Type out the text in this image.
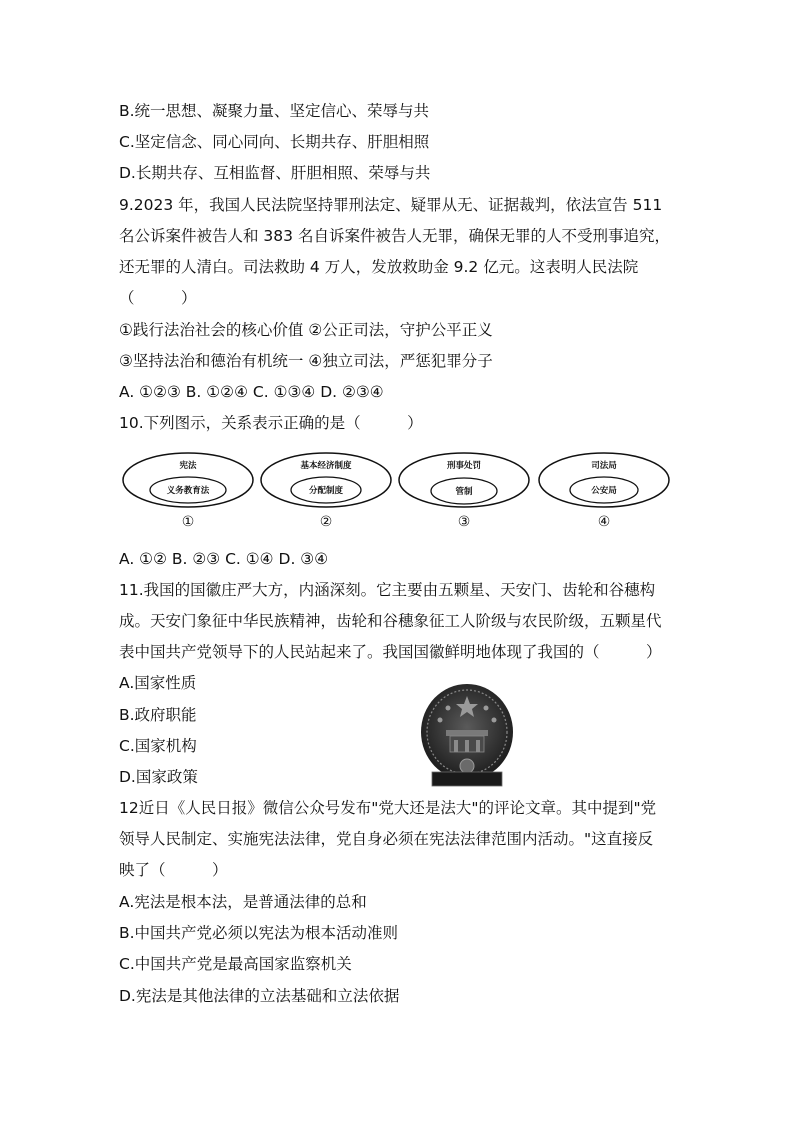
B.统一思想、凝聚力量、坚定信心、荣辱与共
C.坚定信念、同心同向、长期共存、肝胆相照
D.长期共存、互相监督、肝胆相照、荣辱与共
9.2023 年，我国人民法院坚持罪刑法定、疑罪从无、证据裁判，依法宣告 511
名公诉案件被告人和 383 名自诉案件被告人无罪，确保无罪的人不受刑事追究，
还无罪的人清白。司法救助 4 万人，发放救助金 9.2 亿元。这表明人民法院
（　　　）
①践行法治社会的核心价值 ②公正司法，守护公平正义
③坚持法治和德治有机统一 ④独立司法，严惩犯罪分子
A. ①②③ B. ①②④ C. ①③④ D. ②③④
10.下列图示，关系表示正确的是（　　　）
宪法
义务教育法
①
基本经济制度
分配制度
②
刑事处罚
管制
③
司法局
公安局
④
A. ①② B. ②③ C. ①④ D. ③④
11.我国的国徽庄严大方，内涵深刻。它主要由五颗星、天安门、齿轮和谷穗构
成。天安门象征中华民族精神，齿轮和谷穗象征工人阶级与农民阶级，五颗星代
表中国共产党领导下的人民站起来了。我国国徽鲜明地体现了我国的（　　　）
A.国家性质
B.政府职能
C.国家机构
D.国家政策
12近日《人民日报》微信公众号发布"党大还是法大"的评论文章。其中提到"党
领导人民制定、实施宪法法律，党自身必须在宪法法律范围内活动。"这直接反
映了（　　　）
A.宪法是根本法，是普通法律的总和
B.中国共产党必须以宪法为根本活动准则
C.中国共产党是最高国家监察机关
D.宪法是其他法律的立法基础和立法依据
